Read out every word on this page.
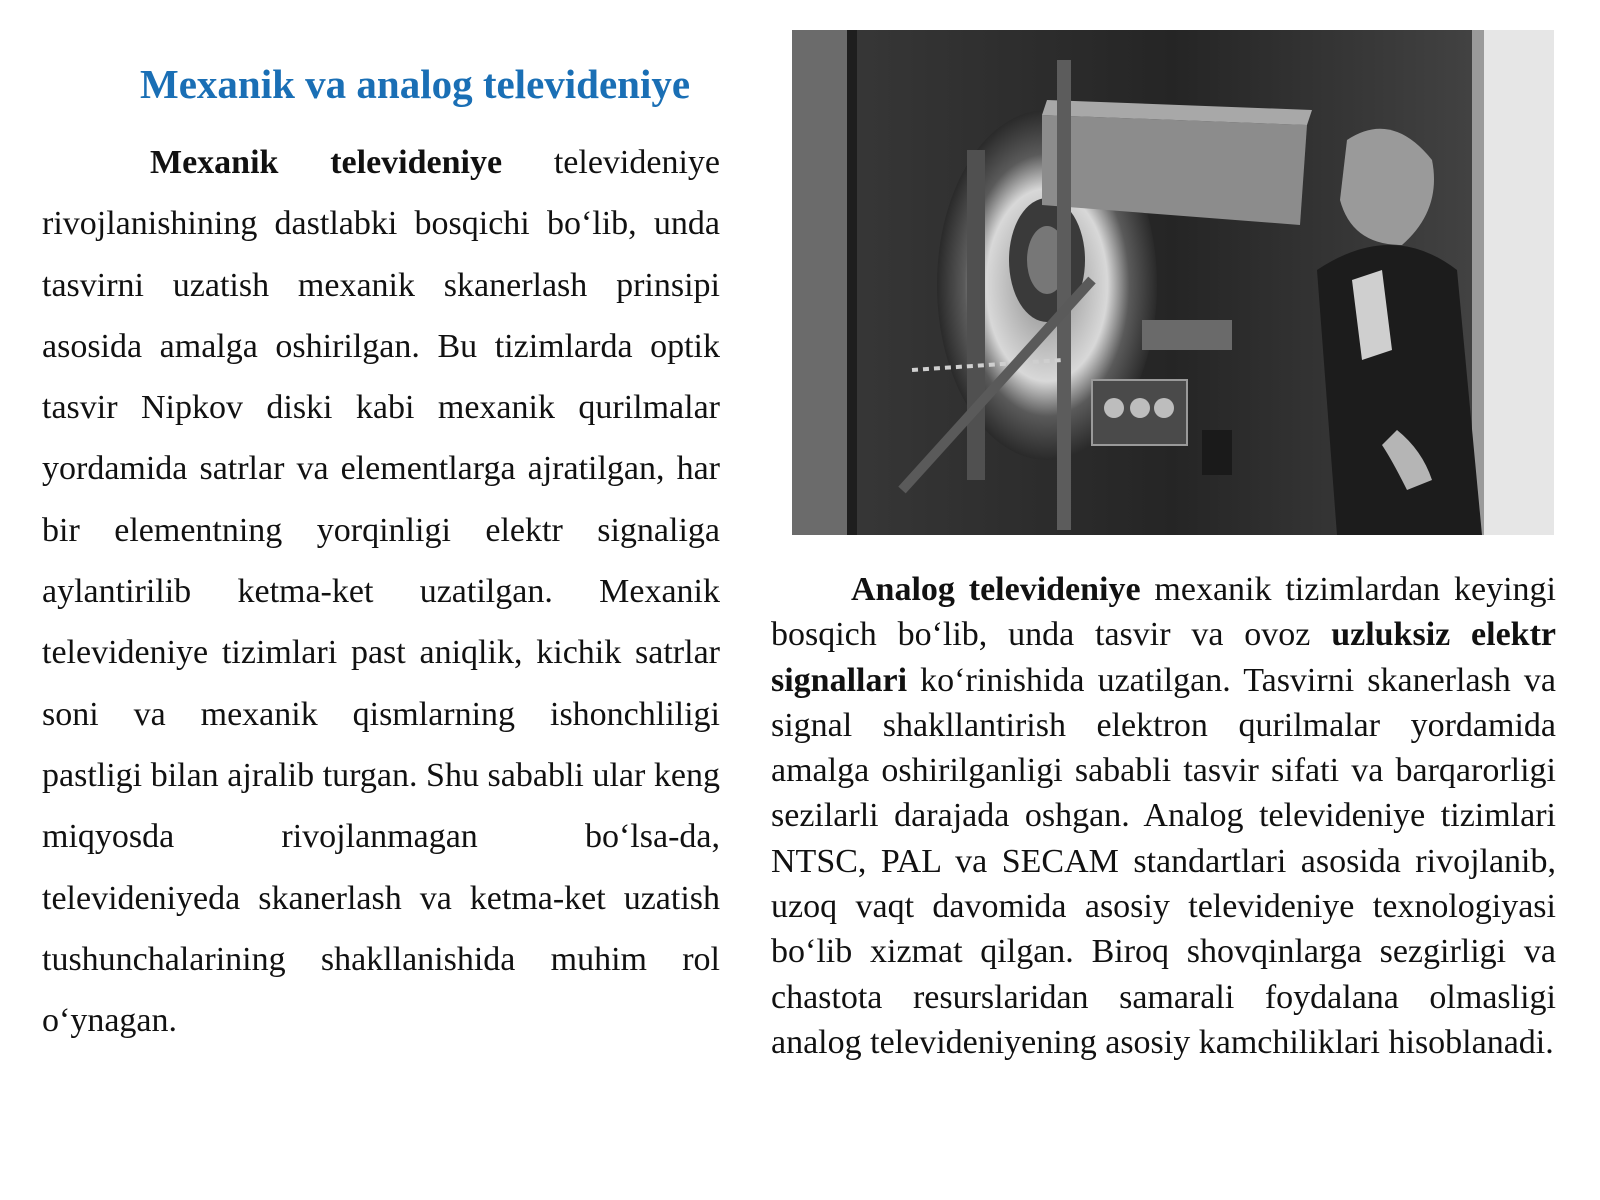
Mexanik va analog televideniye

Mexanik televideniye televideniye rivojlanishining dastlabki bosqichi bo‘lib, unda tasvirni uzatish mexanik skanerlash prinsipi asosida amalga oshirilgan. Bu tizimlarda optik tasvir Nipkov diski kabi mexanik qurilmalar yordamida satrlar va elementlarga ajratilgan, har bir elementning yorqinligi elektr signaliga aylantirilib ketma-ket uzatilgan. Mexanik televideniye tizimlari past aniqlik, kichik satrlar soni va mexanik qismlarning ishonchliligi pastligi bilan ajralib turgan. Shu sababli ular keng miqyosda rivojlanmagan bo‘lsa-da, televideniyeda skanerlash va ketma-ket uzatish tushunchalarining shakllanishida muhim rol o‘ynagan.

Analog televideniye mexanik tizimlardan keyingi bosqich bo‘lib, unda tasvir va ovoz uzluksiz elektr signallari ko‘rinishida uzatilgan. Tasvirni skanerlash va signal shakllantirish elektron qurilmalar yordamida amalga oshirilganligi sababli tasvir sifati va barqarorligi sezilarli darajada oshgan. Analog televideniye tizimlari NTSC, PAL va SECAM standartlari asosida rivojlanib, uzoq vaqt davomida asosiy televideniye texnologiyasi bo‘lib xizmat qilgan. Biroq shovqinlarga sezgirligi va chastota resurslaridan samarali foydalana olmasligi analog televideniyening asosiy kamchiliklari hisoblanadi.
